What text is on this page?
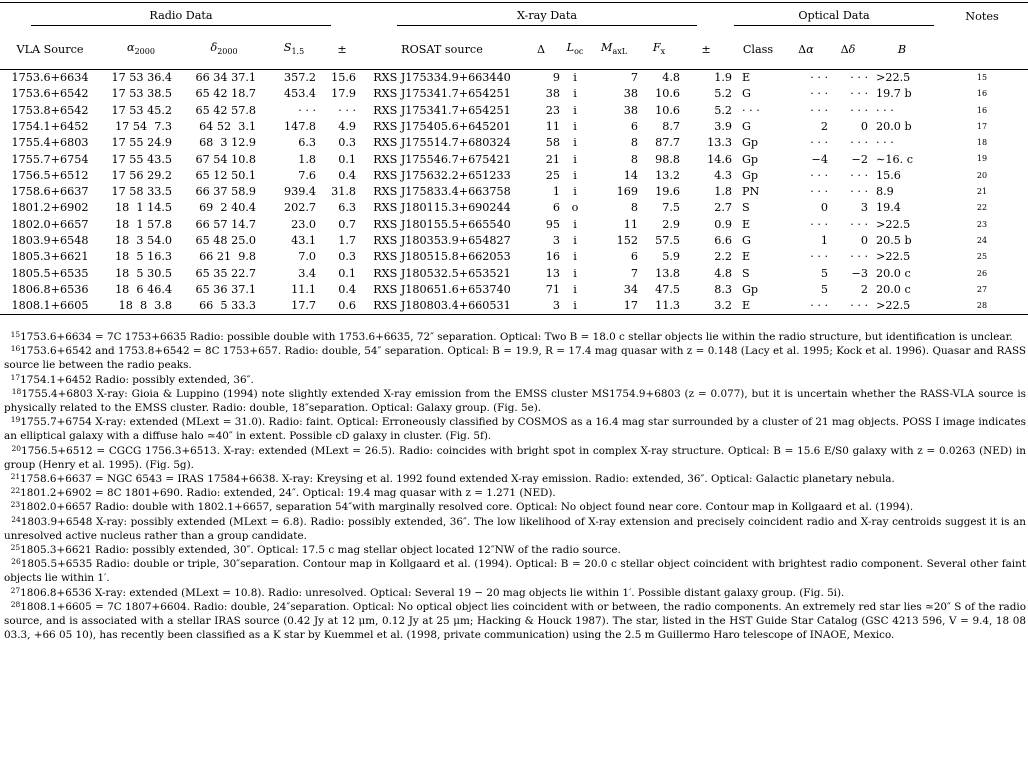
Radio Data					X-ray Data						Optical Data				Notes
VLA Source	$\alpha_{2000}$	$\delta_{2000}$	$S_{1.5}$	±	ROSAT source	Δ	$L_{oc}$	$M_{axL}$	$F_x$	±	Class	Δα	Δδ	B	
1753.6+6634	17 53 36.4	66 34 37.1	357.2	15.6	RXS J175334.9+663440	9	i	7	4.8	1.9	E	· · ·	· · ·	>22.5	15
1753.6+6542	17 53 38.5	65 42 18.7	453.4	17.9	RXS J175341.7+654251	38	i	38	10.6	5.2	G	· · ·	· · ·	19.7 b	16
1753.8+6542	17 53 45.2	65 42 57.8	· · ·	· · ·	RXS J175341.7+654251	23	i	38	10.6	5.2	· · ·	· · ·	· · ·	· · ·	16
1754.1+6452	17 54  7.3	64 52  3.1	147.8	4.9	RXS J175405.6+645201	11	i	6	8.7	3.9	G	2	0	20.0 b	17
1755.4+6803	17 55 24.9	68  3 12.9	6.3	0.3	RXS J175514.7+680324	58	i	8	87.7	13.3	Gp	· · ·	· · ·	· · ·	18
1755.7+6754	17 55 43.5	67 54 10.8	1.8	0.1	RXS J175546.7+675421	21	i	8	98.8	14.6	Gp	−4	−2	∼16. c	19
1756.5+6512	17 56 29.2	65 12 50.1	7.6	0.4	RXS J175632.2+651233	25	i	14	13.2	4.3	Gp	· · ·	· · ·	15.6	20
1758.6+6637	17 58 33.5	66 37 58.9	939.4	31.8	RXS J175833.4+663758	1	i	169	19.6	1.8	PN	· · ·	· · ·	8.9	21
1801.2+6902	18  1 14.5	69  2 40.4	202.7	6.3	RXS J180115.3+690244	6	o	8	7.5	2.7	S	0	3	19.4	22
1802.0+6657	18  1 57.8	66 57 14.7	23.0	0.7	RXS J180155.5+665540	95	i	11	2.9	0.9	E	· · ·	· · ·	>22.5	23
1803.9+6548	18  3 54.0	65 48 25.0	43.1	1.7	RXS J180353.9+654827	3	i	152	57.5	6.6	G	1	0	20.5 b	24
1805.3+6621	18  5 16.3	66 21  9.8	7.0	0.3	RXS J180515.8+662053	16	i	6	5.9	2.2	E	· · ·	· · ·	>22.5	25
1805.5+6535	18  5 30.5	65 35 22.7	3.4	0.1	RXS J180532.5+653521	13	i	7	13.8	4.8	S	5	−3	20.0 c	26
1806.8+6536	18  6 46.4	65 36 37.1	11.1	0.4	RXS J180651.6+653740	71	i	34	47.5	8.3	Gp	5	2	20.0 c	27
1808.1+6605	18  8  3.8	66  5 33.3	17.7	0.6	RXS J180803.4+660531	3	i	17	11.3	3.2	E	· · ·	· · ·	>22.5	28

$^{15}$1753.6+6634 = 7C 1753+6635 Radio: possible double with 1753.6+6635, 72″ separation. Optical: Two B = 18.0 c stellar objects lie within the radio structure, but identification is unclear.

$^{16}$1753.6+6542 and 1753.8+6542 = 8C 1753+657. Radio: double, 54″ separation. Optical: B = 19.9, R = 17.4 mag quasar with z = 0.148 (Lacy et al. 1995; Kock et al. 1996). Quasar and RASS source lie between the radio peaks.

$^{17}$1754.1+6452 Radio: possibly extended, 36″.

$^{18}$1755.4+6803 X-ray: Gioia & Luppino (1994) note slightly extended X-ray emission from the EMSS cluster MS1754.9+6803 (z = 0.077), but it is uncertain whether the RASS-VLA source is physically related to the EMSS cluster. Radio: double, 18″separation. Optical: Galaxy group. (Fig. 5e).

$^{19}$1755.7+6754 X-ray: extended (MLext = 31.0). Radio: faint. Optical: Erroneously classified by COSMOS as a 16.4 mag star surrounded by a cluster of 21 mag objects. POSS I image indicates an elliptical galaxy with a diffuse halo ≃40″ in extent. Possible cD galaxy in cluster. (Fig. 5f).

$^{20}$1756.5+6512 = CGCG 1756.3+6513. X-ray: extended (MLext = 26.5). Radio: coincides with bright spot in complex X-ray structure. Optical: B = 15.6 E/S0 galaxy with z = 0.0263 (NED) in group (Henry et al. 1995). (Fig. 5g).

$^{21}$1758.6+6637 = NGC 6543 = IRAS 17584+6638. X-ray: Kreysing et al. 1992 found extended X-ray emission. Radio: extended, 36″. Optical: Galactic planetary nebula.

$^{22}$1801.2+6902 = 8C 1801+690. Radio: extended, 24″. Optical: 19.4 mag quasar with z = 1.271 (NED).

$^{23}$1802.0+6657 Radio: double with 1802.1+6657, separation 54″with marginally resolved core. Optical: No object found near core. Contour map in Kollgaard et al. (1994).

$^{24}$1803.9+6548 X-ray: possibly extended (MLext = 6.8). Radio: possibly extended, 36″. The low likelihood of X-ray extension and precisely coincident radio and X-ray centroids suggest it is an unresolved active nucleus rather than a group candidate.

$^{25}$1805.3+6621 Radio: possibly extended, 30″. Optical: 17.5 c mag stellar object located 12″NW of the radio source.

$^{26}$1805.5+6535 Radio: double or triple, 30″separation. Contour map in Kollgaard et al. (1994). Optical: B = 20.0 c stellar object coincident with brightest radio component. Several other faint objects lie within 1′.

$^{27}$1806.8+6536 X-ray: extended (MLext = 10.8). Radio: unresolved. Optical: Several 19 − 20 mag objects lie within 1′. Possible distant galaxy group. (Fig. 5i).

$^{28}$1808.1+6605 = 7C 1807+6604. Radio: double, 24″separation. Optical: No optical object lies coincident with or between, the radio components. An extremely red star lies ≃20″ S of the radio source, and is associated with a stellar IRAS source (0.42 Jy at 12 μm, 0.12 Jy at 25 μm; Hacking & Houck 1987). The star, listed in the HST Guide Star Catalog (GSC 4213 596, V = 9.4, 18 08 03.3, +66 05 10), has recently been classified as a K star by Kuemmel et al. (1998, private communication) using the 2.5 m Guillermo Haro telescope of INAOE, Mexico.
